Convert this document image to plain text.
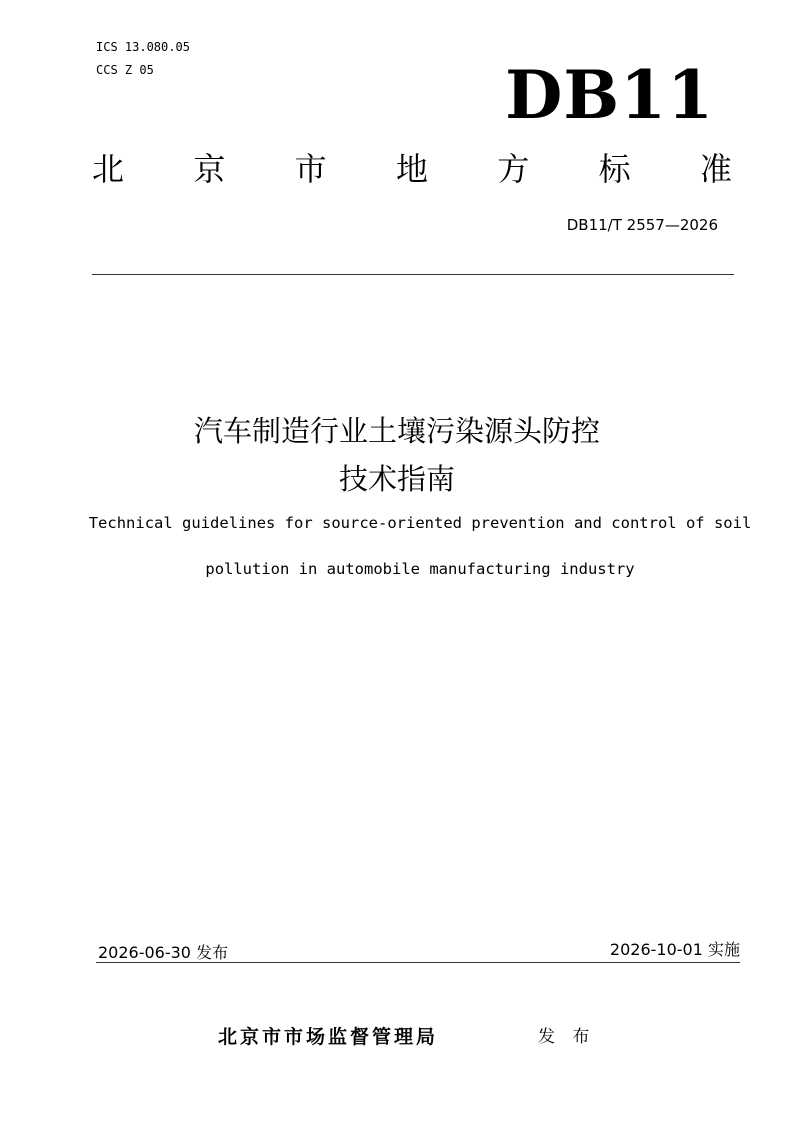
ICS 13.080.05
CCS Z 05	DB11
北 京 市 地 方 标 准
DB11/T 2557—2026
汽车制造行业土壤污染源头防控
技术指南
Technical guidelines for source-oriented prevention and control of soil
pollution in automobile manufacturing industry
2026-06-30 发布	2026-10-01 实施
北京市市场监督管理局	发 布
